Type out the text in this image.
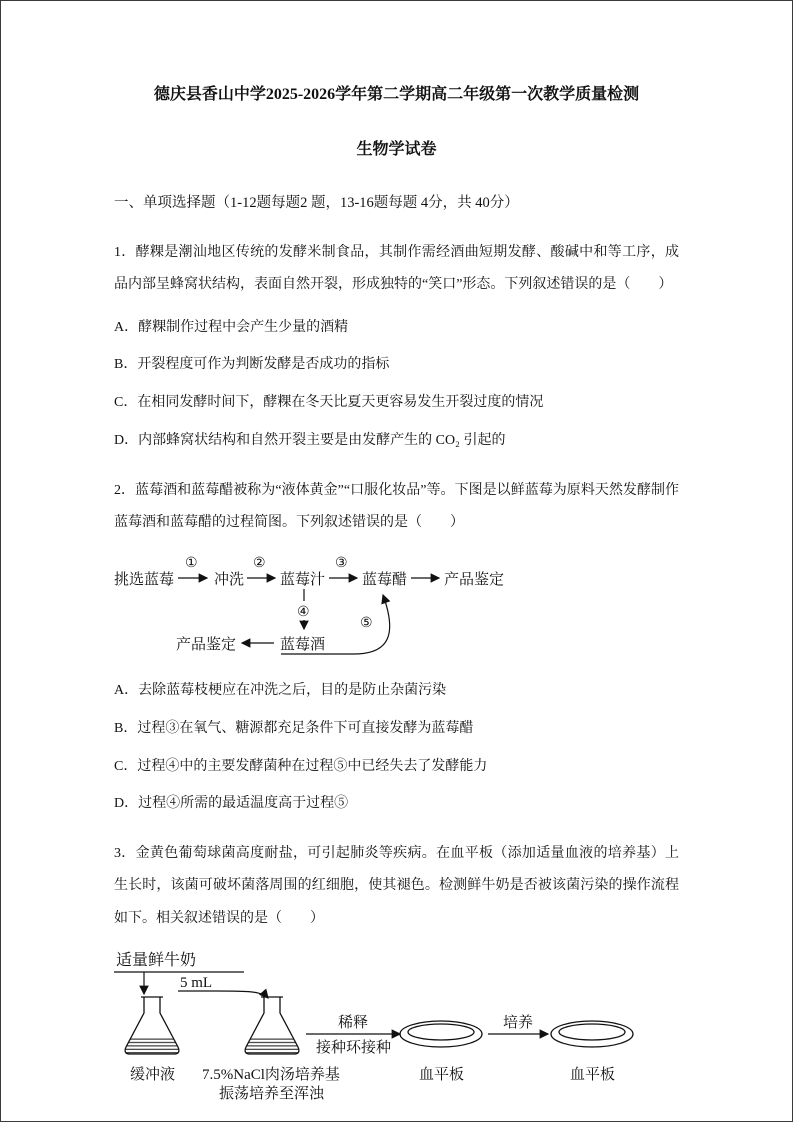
德庆县香山中学2025-2026学年第二学期高二年级第一次教学质量检测
生物学试卷

一、单项选择题（1-12题每题2 题，13-16题每题 4分，共 40分）

1．酵粿是潮汕地区传统的发酵米制食品，其制作需经酒曲短期发酵、酸碱中和等工序，成品内部呈蜂窝状结构，表面自然开裂，形成独特的“笑口”形态。下列叙述错误的是（　　）

A．酵粿制作过程中会产生少量的酒精

B．开裂程度可作为判断发酵是否成功的指标

C．在相同发酵时间下，酵粿在冬天比夏天更容易发生开裂过度的情况

D．内部蜂窝状结构和自然开裂主要是由发酵产生的 CO₂ 引起的

2．蓝莓酒和蓝莓醋被称为“液体黄金”“口服化妆品”等。下图是以鲜蓝莓为原料天然发酵制作蓝莓酒和蓝莓醋的过程简图。下列叙述错误的是（　　）

挑选蓝莓
①
冲洗
②
蓝莓汁
③
蓝莓醋 产品鉴定
④
蓝莓酒
产品鉴定
⑤

A．去除蓝莓枝梗应在冲洗之后，目的是防止杂菌污染

B．过程③在氧气、糖源都充足条件下可直接发酵为蓝莓醋

C．过程④中的主要发酵菌种在过程⑤中已经失去了发酵能力

D．过程④所需的最适温度高于过程⑤

3．金黄色葡萄球菌高度耐盐，可引起肺炎等疾病。在血平板（添加适量血液的培养基）上生长时，该菌可破坏菌落周围的红细胞，使其褪色。检测鲜牛奶是否被该菌污染的操作流程如下。相关叙述错误的是（　　）

适量鲜牛奶
5 mL
缓冲液 7.5%NaCl肉汤培养基
振荡培养至浑浊
稀释
接种环接种
血平板
培养
血平板
